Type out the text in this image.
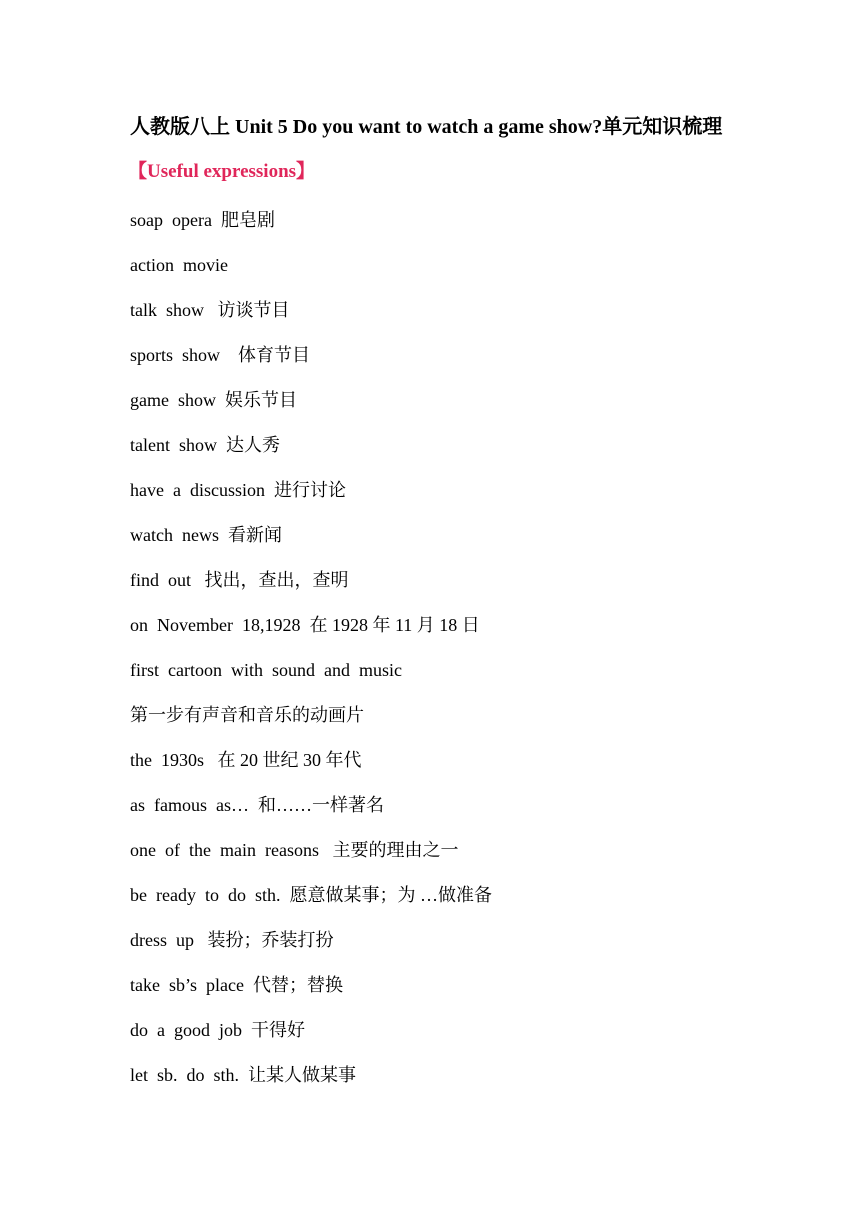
人教版八上 Unit 5 Do you want to watch a game show?单元知识梳理
【Useful expressions】
soap  opera  肥皂剧
action  movie
talk  show   访谈节目
sports  show    体育节目
game  show  娱乐节目
talent  show  达人秀
have  a  discussion  进行讨论
watch  news  看新闻
find  out   找出，查出，查明
on  November  18,1928  在 1928 年 11 月 18 日
first  cartoon  with  sound  and  music
第一步有声音和音乐的动画片
the  1930s   在 20 世纪 30 年代
as  famous  as…  和……一样著名
one  of  the  main  reasons   主要的理由之一
be  ready  to  do  sth.  愿意做某事；为 …做准备
dress  up   装扮；乔装打扮
take  sb’s  place  代替；替换
do  a  good  job  干得好
let  sb.  do  sth.  让某人做某事
